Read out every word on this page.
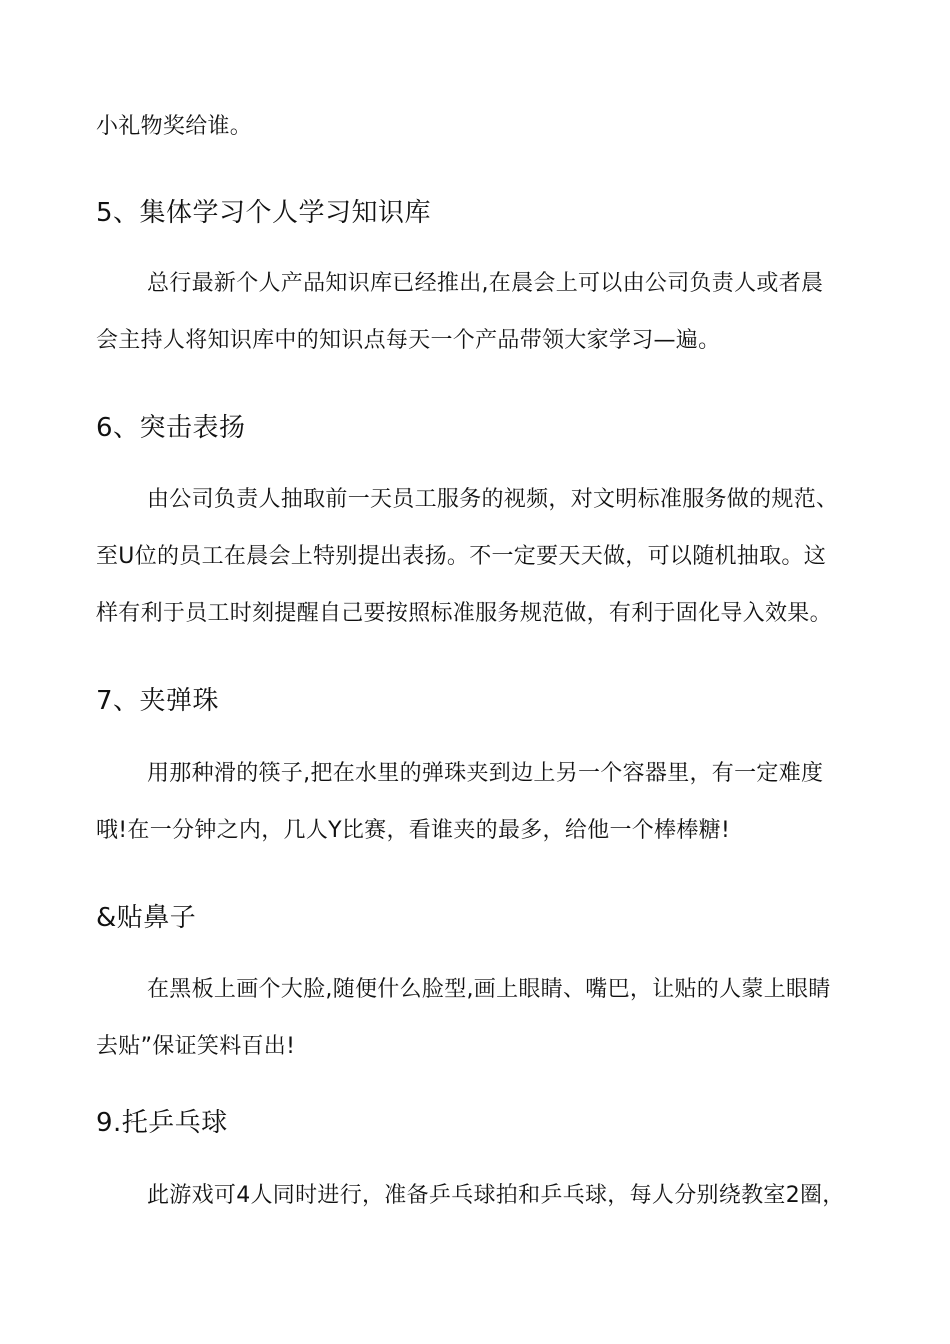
小礼物奖给谁。
5、集体学习个人学习知识库
总行最新个人产品知识库已经推出,在晨会上可以由公司负责人或者晨
会主持人将知识库中的知识点每天一个产品带领大家学习—遍。
6、突击表扬
由公司负责人抽取前一天员工服务的视频，对文明标准服务做的规范、
至U位的员工在晨会上特别提出表扬。不一定要天天做，可以随机抽取。这
样有利于员工时刻提醒自己要按照标准服务规范做，有利于固化导入效果。
7、夹弹珠
用那种滑的筷子,把在水里的弹珠夹到边上另一个容器里，有一定难度
哦!在一分钟之内，几人Y比赛，看谁夹的最多，给他一个棒棒糖!
&贴鼻子
在黑板上画个大脸,随便什么脸型,画上眼睛、嘴巴，让贴的人蒙上眼睛
去贴”保证笑料百出!
9.托乒乓球
此游戏可4人同时进行，准备乒乓球拍和乒乓球，每人分别绕教室2圈，
